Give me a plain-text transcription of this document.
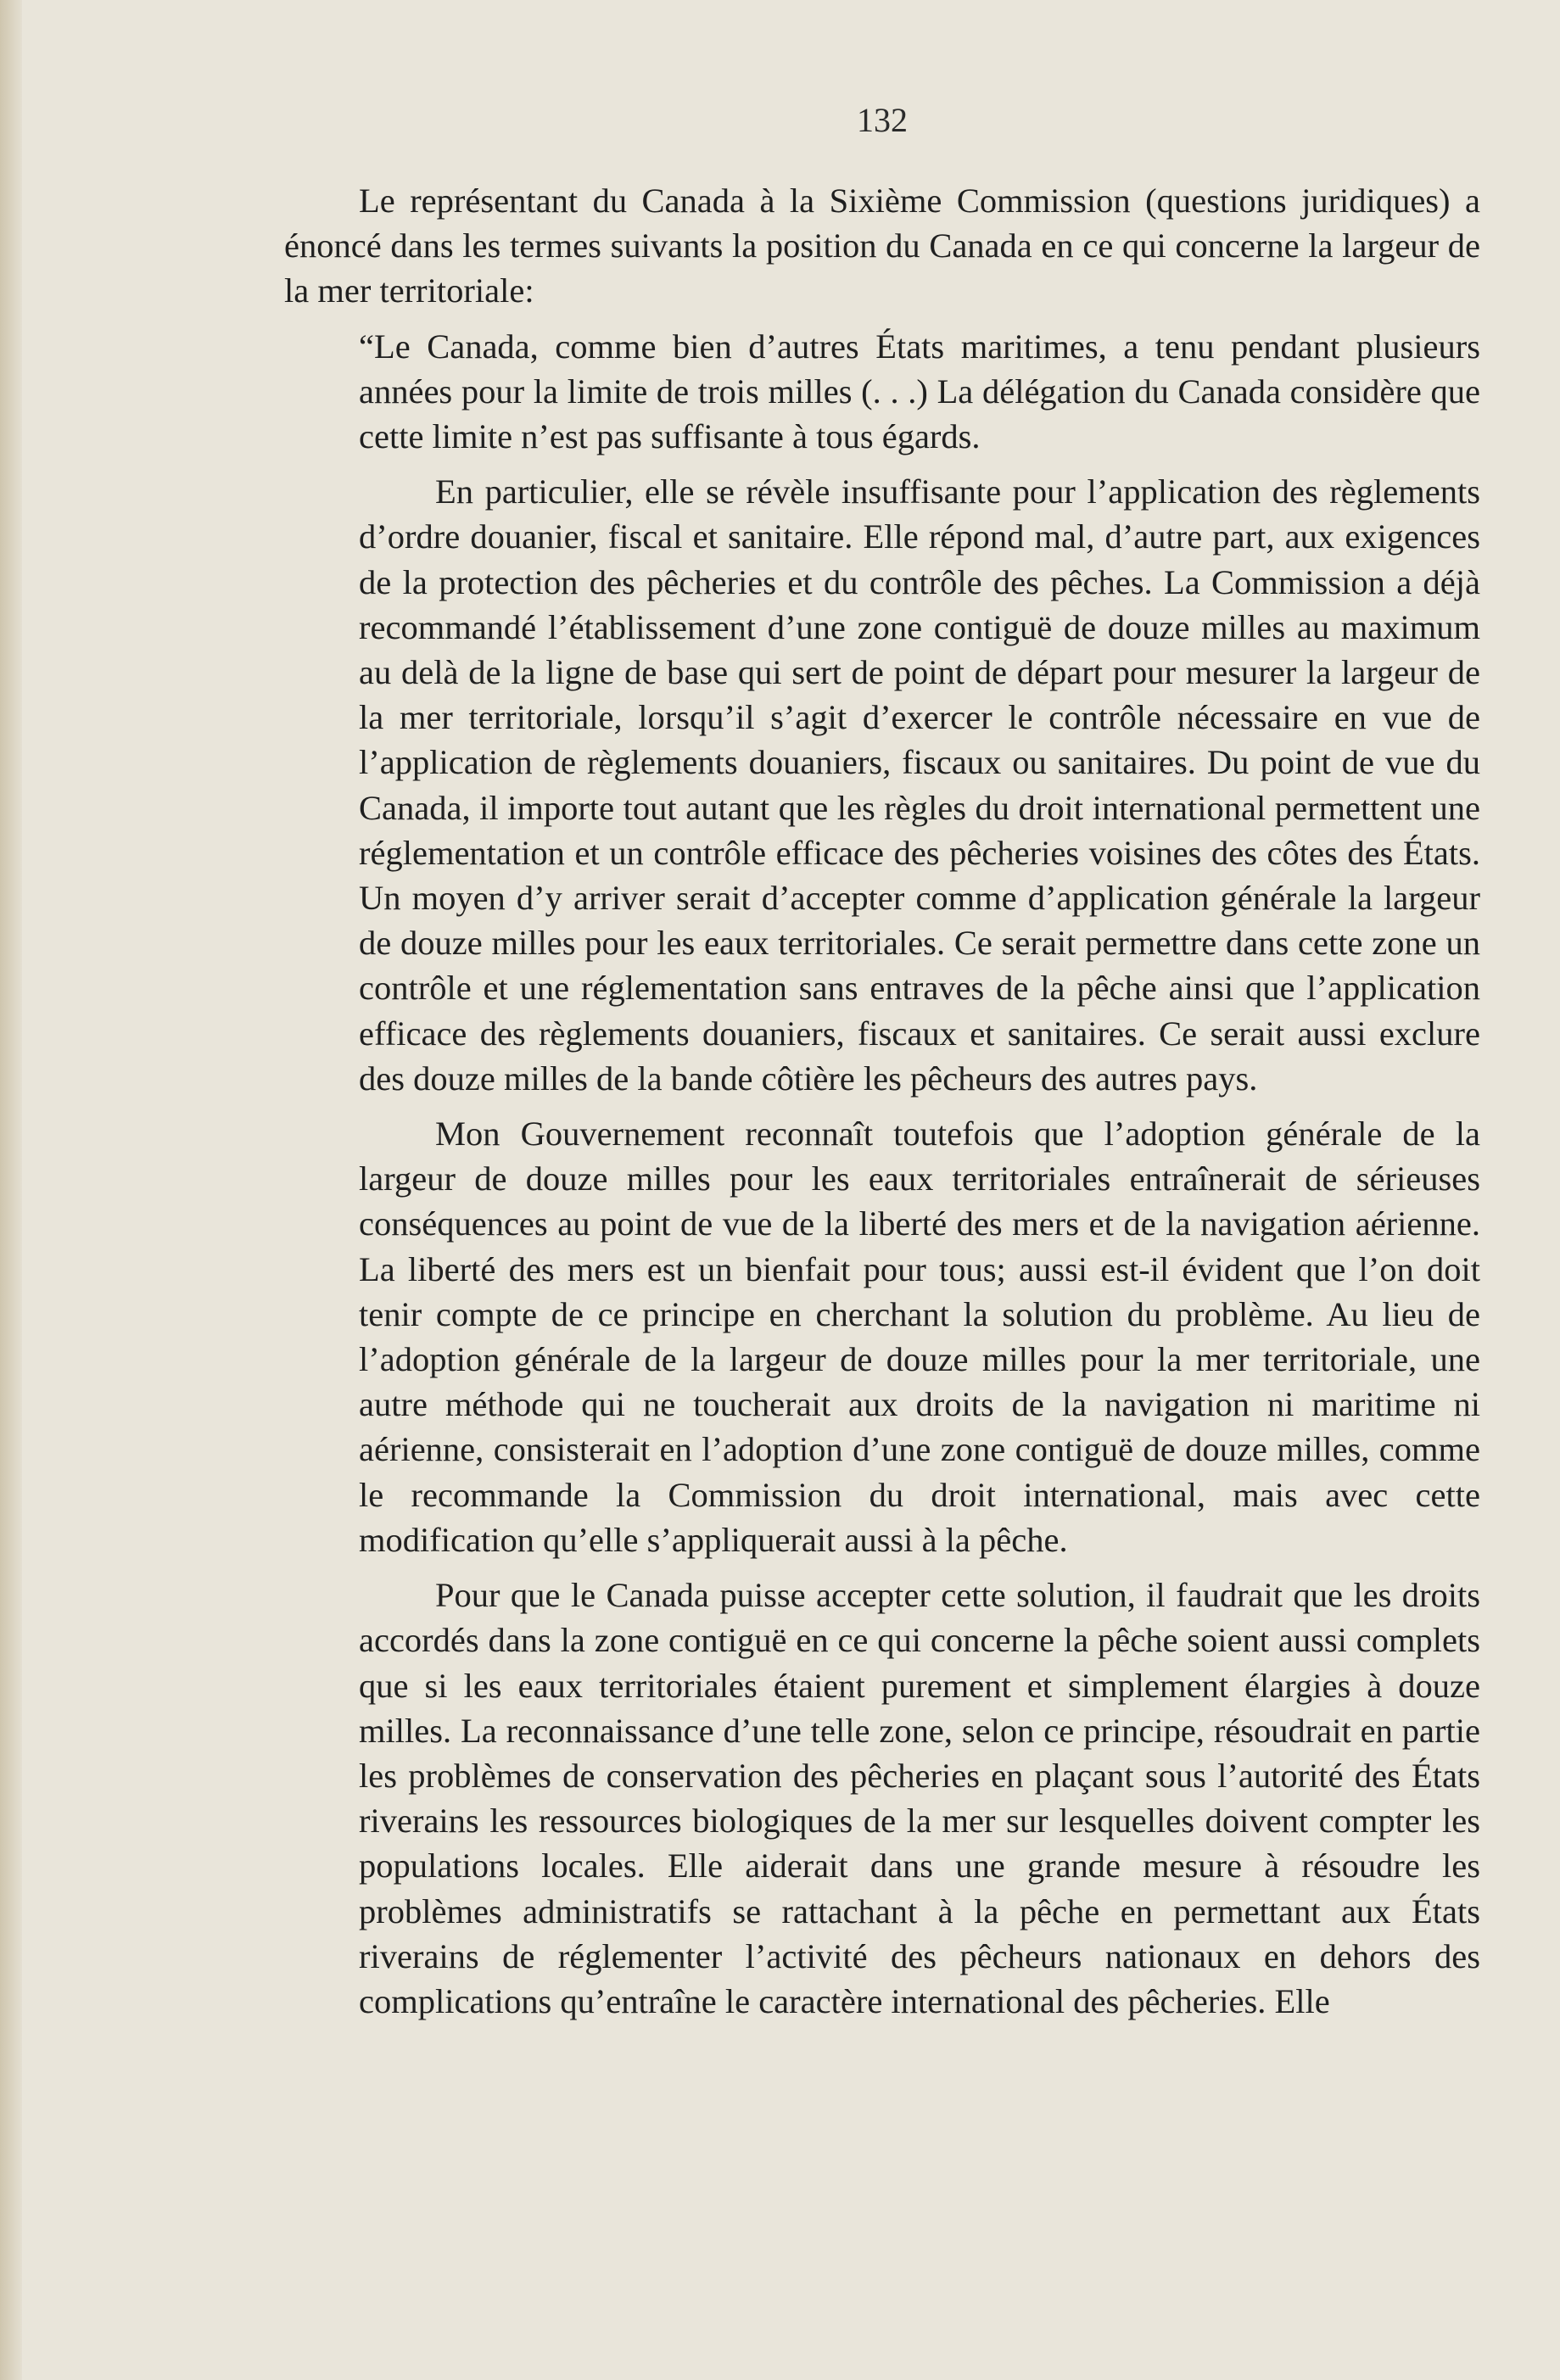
132

Le représentant du Canada à la Sixième Commission (questions juridiques) a énoncé dans les termes suivants la position du Canada en ce qui concerne la largeur de la mer territoriale:

“Le Canada, comme bien d’autres États maritimes, a tenu pendant plusieurs années pour la limite de trois milles (. . .) La délégation du Canada considère que cette limite n’est pas suffisante à tous égards.

En particulier, elle se révèle insuffisante pour l’application des règlements d’ordre douanier, fiscal et sanitaire. Elle répond mal, d’autre part, aux exigences de la protection des pêcheries et du contrôle des pêches. La Commission a déjà recommandé l’établissement d’une zone contiguë de douze milles au maximum au delà de la ligne de base qui sert de point de départ pour mesurer la largeur de la mer territoriale, lorsqu’il s’agit d’exercer le contrôle nécessaire en vue de l’application de règlements douaniers, fiscaux ou sanitaires. Du point de vue du Canada, il importe tout autant que les règles du droit international permettent une réglementation et un contrôle efficace des pêcheries voisines des côtes des États. Un moyen d’y arriver serait d’accepter comme d’application générale la largeur de douze milles pour les eaux territoriales. Ce serait permettre dans cette zone un contrôle et une réglementation sans entraves de la pêche ainsi que l’application efficace des règlements douaniers, fiscaux et sanitaires. Ce serait aussi exclure des douze milles de la bande côtière les pêcheurs des autres pays.

Mon Gouvernement reconnaît toutefois que l’adoption générale de la largeur de douze milles pour les eaux territoriales entraînerait de sérieuses conséquences au point de vue de la liberté des mers et de la navigation aérienne. La liberté des mers est un bienfait pour tous; aussi est-il évident que l’on doit tenir compte de ce principe en cherchant la solution du problème. Au lieu de l’adoption générale de la largeur de douze milles pour la mer territoriale, une autre méthode qui ne toucherait aux droits de la navigation ni maritime ni aérienne, consisterait en l’adoption d’une zone contiguë de douze milles, comme le recommande la Commission du droit international, mais avec cette modification qu’elle s’appliquerait aussi à la pêche.

Pour que le Canada puisse accepter cette solution, il faudrait que les droits accordés dans la zone contiguë en ce qui concerne la pêche soient aussi complets que si les eaux territoriales étaient purement et simplement élargies à douze milles. La reconnaissance d’une telle zone, selon ce principe, résoudrait en partie les problèmes de conservation des pêcheries en plaçant sous l’autorité des États riverains les ressources biologiques de la mer sur lesquelles doivent compter les populations locales. Elle aiderait dans une grande mesure à résoudre les problèmes administratifs se rattachant à la pêche en permettant aux États riverains de réglementer l’activité des pêcheurs nationaux en dehors des complications qu’entraîne le caractère international des pêcheries. Elle
